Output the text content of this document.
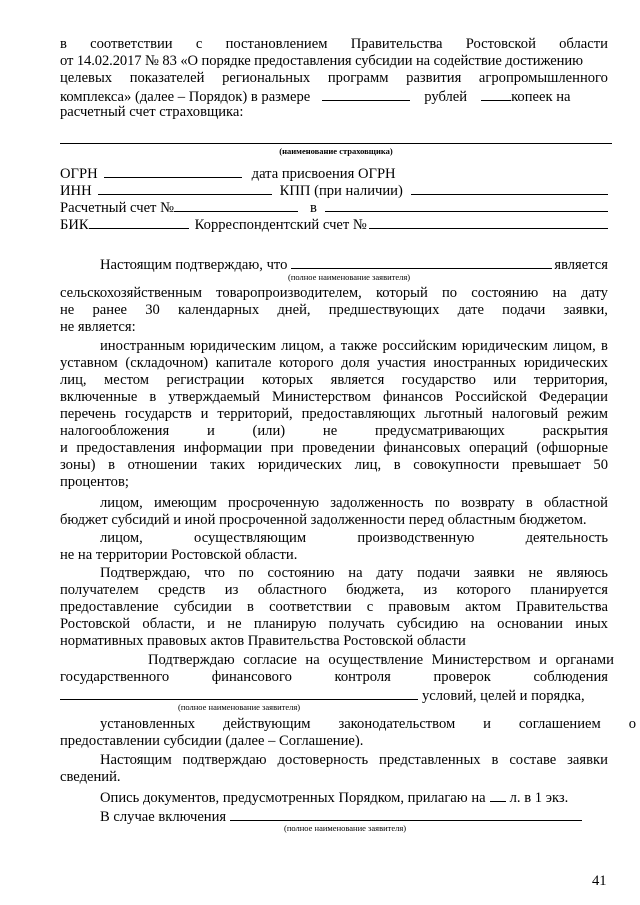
в соответствии с постановлением Правительства Ростовской области
от 14.02.2017 № 83 «О порядке предоставления субсидии на содействие достижению
целевых показателей региональных программ развития агропромышленного
комплекса» (далее – Порядок) в размере	рублей	копеек на
расчетный счет страховщика:
(наименование страховщика)
ОГРН	дата присвоения ОГРН
ИНН	КПП (при наличии)
Расчетный счет №	в
БИК	Корреспондентский счет №
Настоящим подтверждаю, что	является
(полное наименование заявителя)
сельскохозяйственным товаропроизводителем, который по состоянию на дату
не ранее 30 календарных дней, предшествующих дате подачи заявки,
не является:
иностранным юридическим лицом, а также российским юридическим лицом, в
уставном (складочном) капитале которого доля участия иностранных юридических
лиц, местом регистрации которых является государство или территория,
включенные в утверждаемый Министерством финансов Российской Федерации
перечень государств и территорий, предоставляющих льготный налоговый режим
налогообложения	и	(или)	не	предусматривающих	раскрытия
и предоставления информации при проведении финансовых операций (офшорные
зоны) в отношении таких юридических лиц, в совокупности превышает 50
процентов;
лицом, имеющим просроченную задолженность по возврату в областной
бюджет субсидий и иной просроченной задолженности перед областным бюджетом.
лицом,	осуществляющим	производственную	деятельность
не на территории Ростовской области.
Подтверждаю, что по состоянию на дату подачи заявки не являюсь
получателем средств из областного бюджета, из которого планируется
предоставление субсидии в соответствии с правовым актом Правительства
Ростовской области, и не планирую получать субсидию на основании иных
нормативных правовых актов Правительства Ростовской области
Подтверждаю согласие на осуществление Министерством и органами
государственного	финансового	контроля	проверок	соблюдения
условий, целей и порядка,
(полное наименование заявителя)
установленных действующим законодательством и соглашением о
предоставлении субсидии (далее – Соглашение).
Настоящим подтверждаю достоверность представленных в составе заявки
сведений.
Опись документов, предусмотренных Порядком, прилагаю на л. в 1 экз.
В случае включения
(полное наименование заявителя)
41
